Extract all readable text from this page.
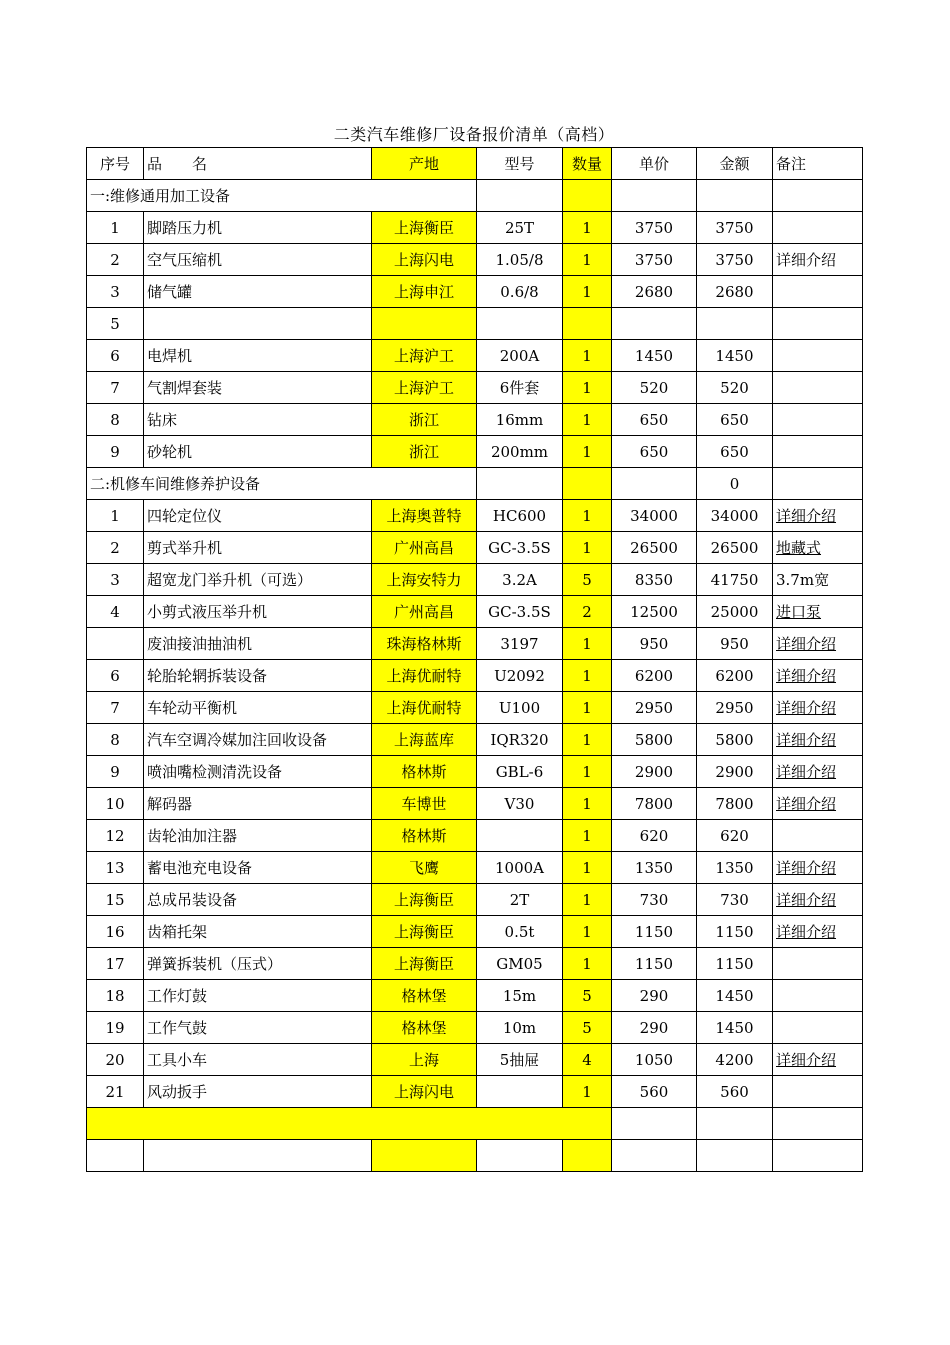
二类汽车维修厂设备报价清单（高档）
序号	品　　名	产地	型号	数量	单价	金额	备注
一:维修通用加工设备							
1	脚踏压力机	上海衡臣	25T	1	3750	3750	
2	空气压缩机	上海闪电	1.05/8	1	3750	3750	详细介绍
3	储气罐	上海申江	0.6/8	1	2680	2680	
5							
6	电焊机	上海沪工	200A	1	1450	1450	
7	气割焊套装	上海沪工	6件套	1	520	520	
8	钻床	浙江	16mm	1	650	650	
9	砂轮机	浙江	200mm	1	650	650	
二:机修车间维修养护设备						0	
1	四轮定位仪	上海奥普特	HC600	1	34000	34000	详细介绍
2	剪式举升机	广州高昌	GC-3.5S	1	26500	26500	地藏式
3	超宽龙门举升机（可选）	上海安特力	3.2A	5	8350	41750	3.7m宽
4	小剪式液压举升机	广州高昌	GC-3.5S	2	12500	25000	进口泵
	废油接油抽油机	珠海格林斯	3197	1	950	950	详细介绍
6	轮胎轮辋拆装设备	上海优耐特	U2092	1	6200	6200	详细介绍
7	车轮动平衡机	上海优耐特	U100	1	2950	2950	详细介绍
8	汽车空调冷媒加注回收设备	上海蓝库	IQR320	1	5800	5800	详细介绍
9	喷油嘴检测清洗设备	格林斯	GBL-6	1	2900	2900	详细介绍
10	解码器	车博世	V30	1	7800	7800	详细介绍
12	齿轮油加注器	格林斯		1	620	620	
13	蓄电池充电设备	飞鹰	1000A	1	1350	1350	详细介绍
15	总成吊装设备	上海衡臣	2T	1	730	730	详细介绍
16	齿箱托架	上海衡臣	0.5t	1	1150	1150	详细介绍
17	弹簧拆装机（压式）	上海衡臣	GM05	1	1150	1150	
18	工作灯鼓	格林堡	15m	5	290	1450	
19	工作气鼓	格林堡	10m	5	290	1450	
20	工具小车	上海	5抽屉	4	1050	4200	详细介绍
21	风动扳手	上海闪电		1	560	560	
